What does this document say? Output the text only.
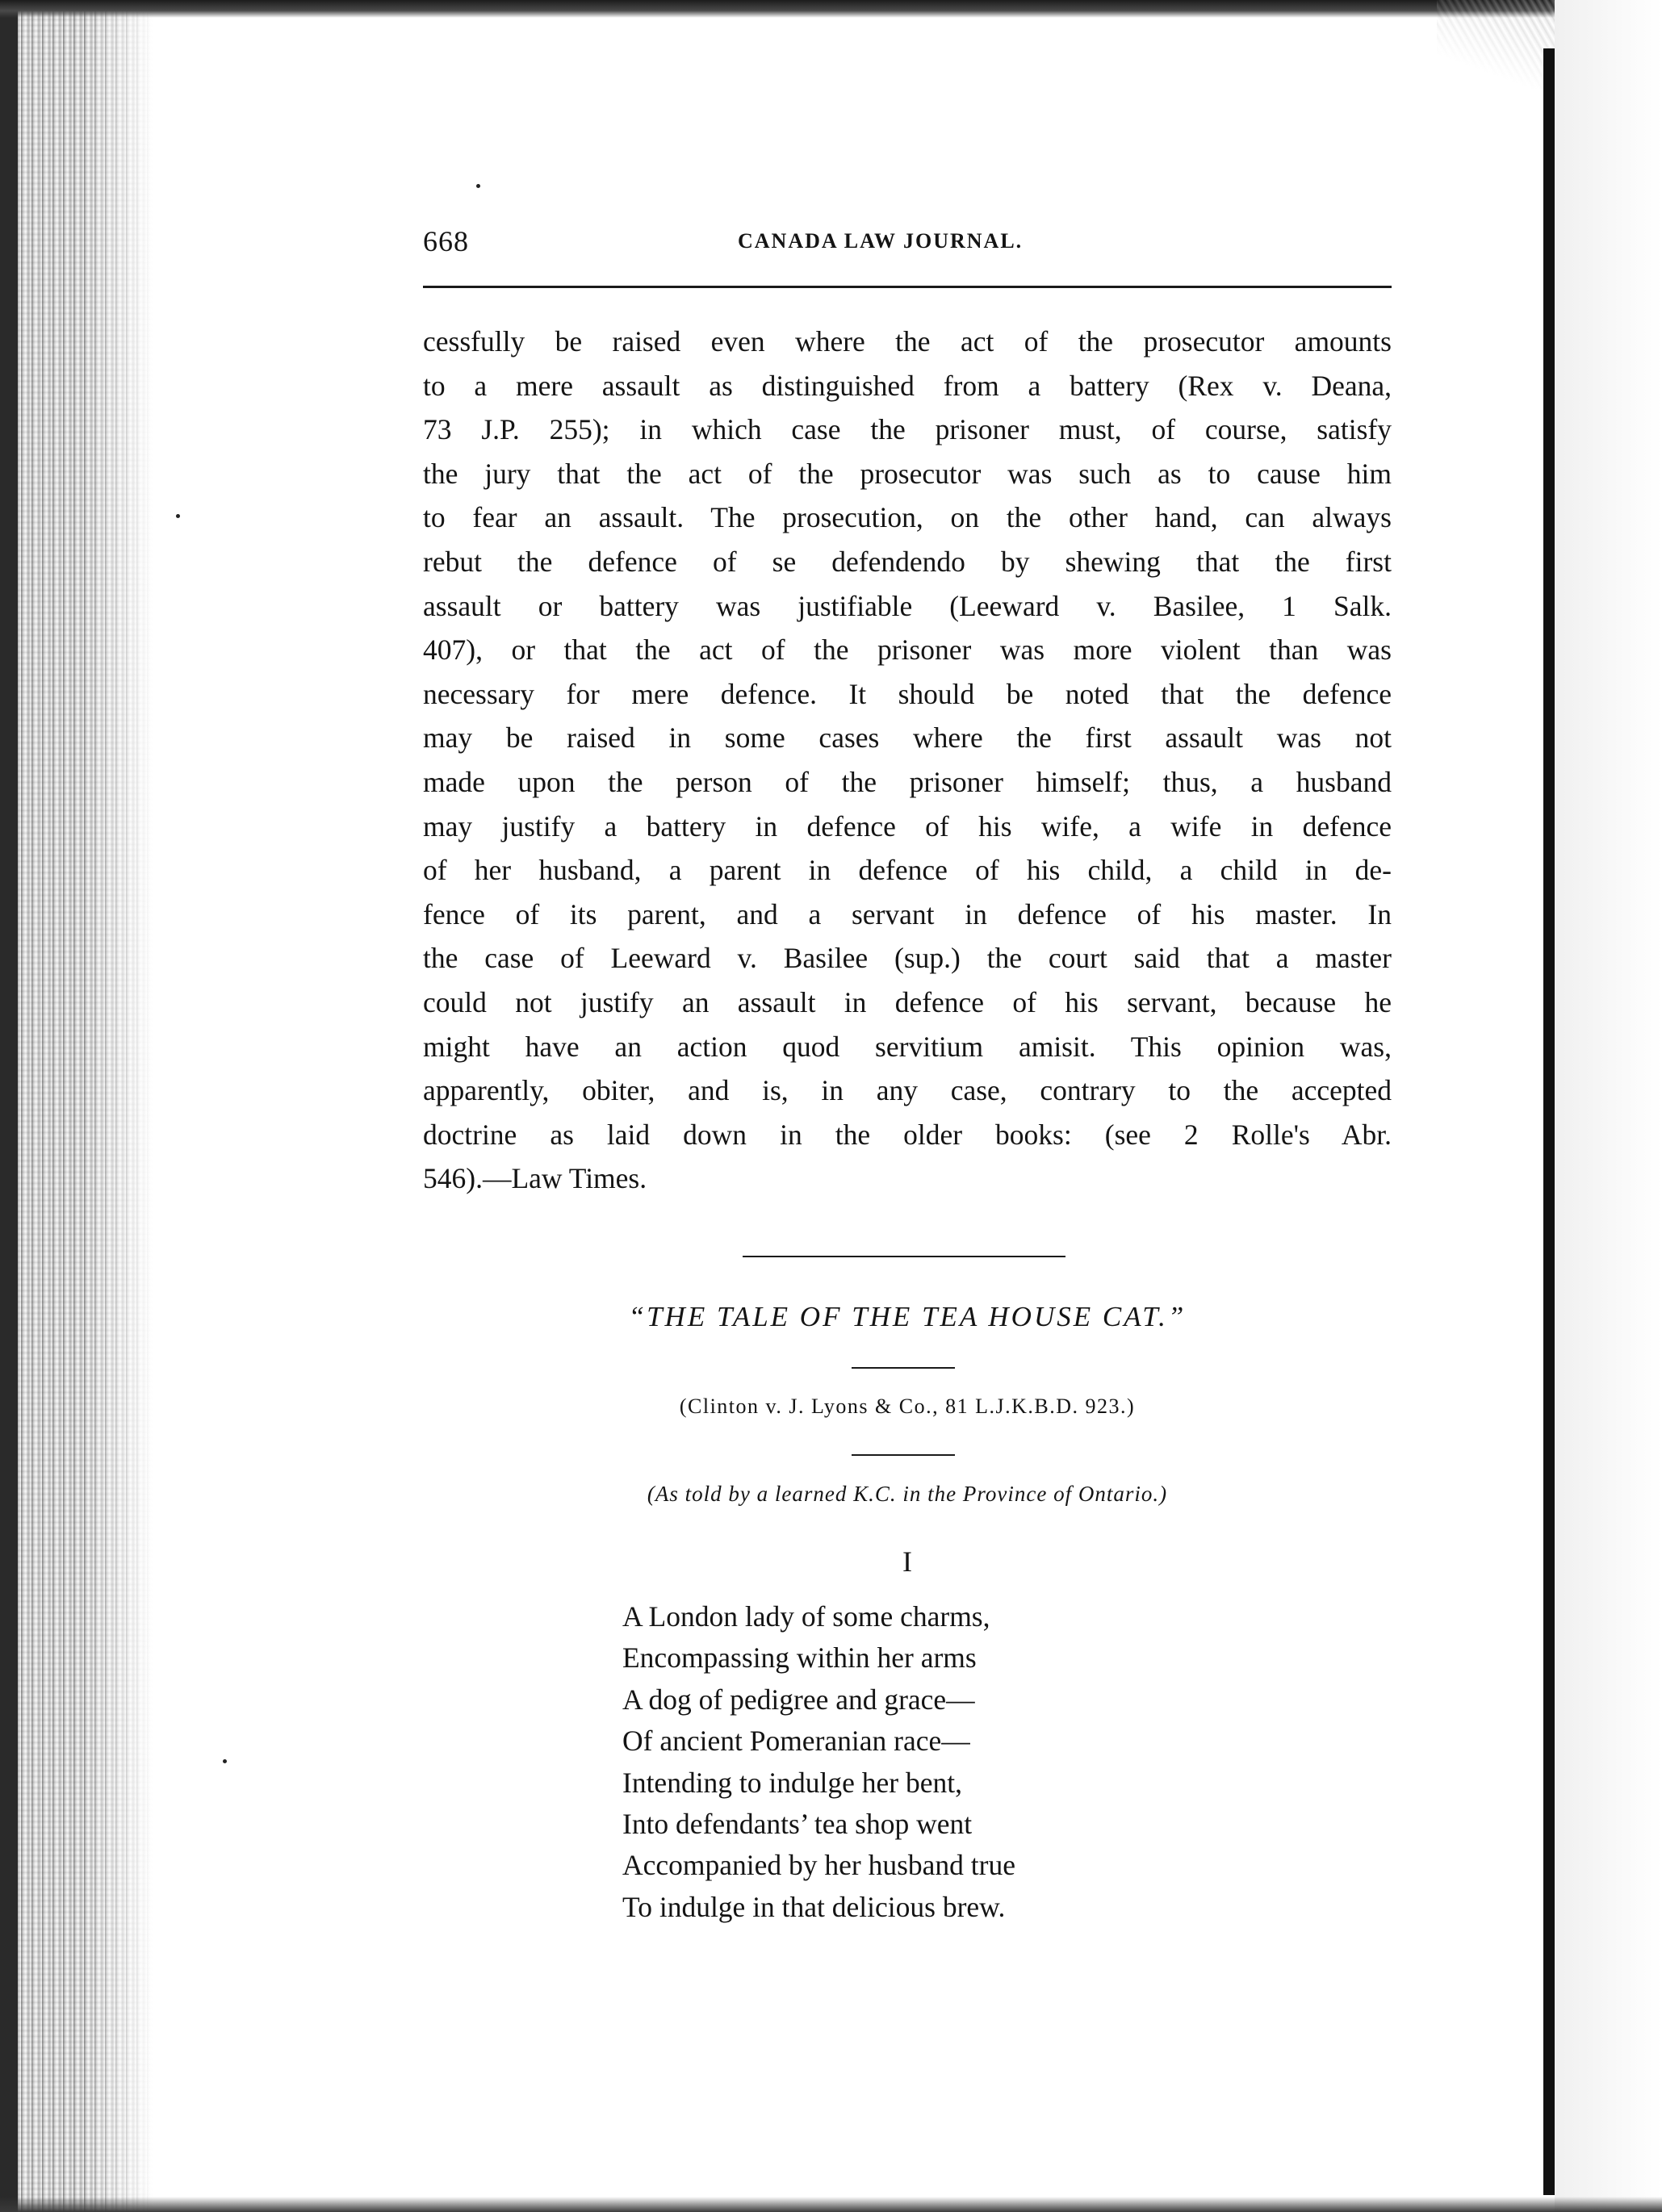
668	CANADA LAW JOURNAL.
cessfully be raised even where the act of the prosecutor amounts
to a mere assault as distinguished from a battery (Rex v. Deana,
73 J.P. 255); in which case the prisoner must, of course, satisfy
the jury that the act of the prosecutor was such as to cause him
to fear an assault. The prosecution, on the other hand, can always
rebut the defence of se defendendo by shewing that the first
assault or battery was justifiable (Leeward v. Basilee, 1 Salk.
407), or that the act of the prisoner was more violent than was
necessary for mere defence. It should be noted that the defence
may be raised in some cases where the first assault was not
made upon the person of the prisoner himself; thus, a husband
may justify a battery in defence of his wife, a wife in defence
of her husband, a parent in defence of his child, a child in de-
fence of its parent, and a servant in defence of his master. In
the case of Leeward v. Basilee (sup.) the court said that a master
could not justify an assault in defence of his servant, because he
might have an action quod servitium amisit. This opinion was,
apparently, obiter, and is, in any case, contrary to the accepted
doctrine as laid down in the older books: (see 2 Rolle's Abr.
546).—Law Times.
“THE TALE OF THE TEA HOUSE CAT.”
(Clinton v. J. Lyons & Co., 81 L.J.K.B.D. 923.)
(As told by a learned K.C. in the Province of Ontario.)
I
A London lady of some charms,
Encompassing within her arms
A dog of pedigree and grace—
Of ancient Pomeranian race—
Intending to indulge her bent,
Into defendants’ tea shop went
Accompanied by her husband true
To indulge in that delicious brew.
